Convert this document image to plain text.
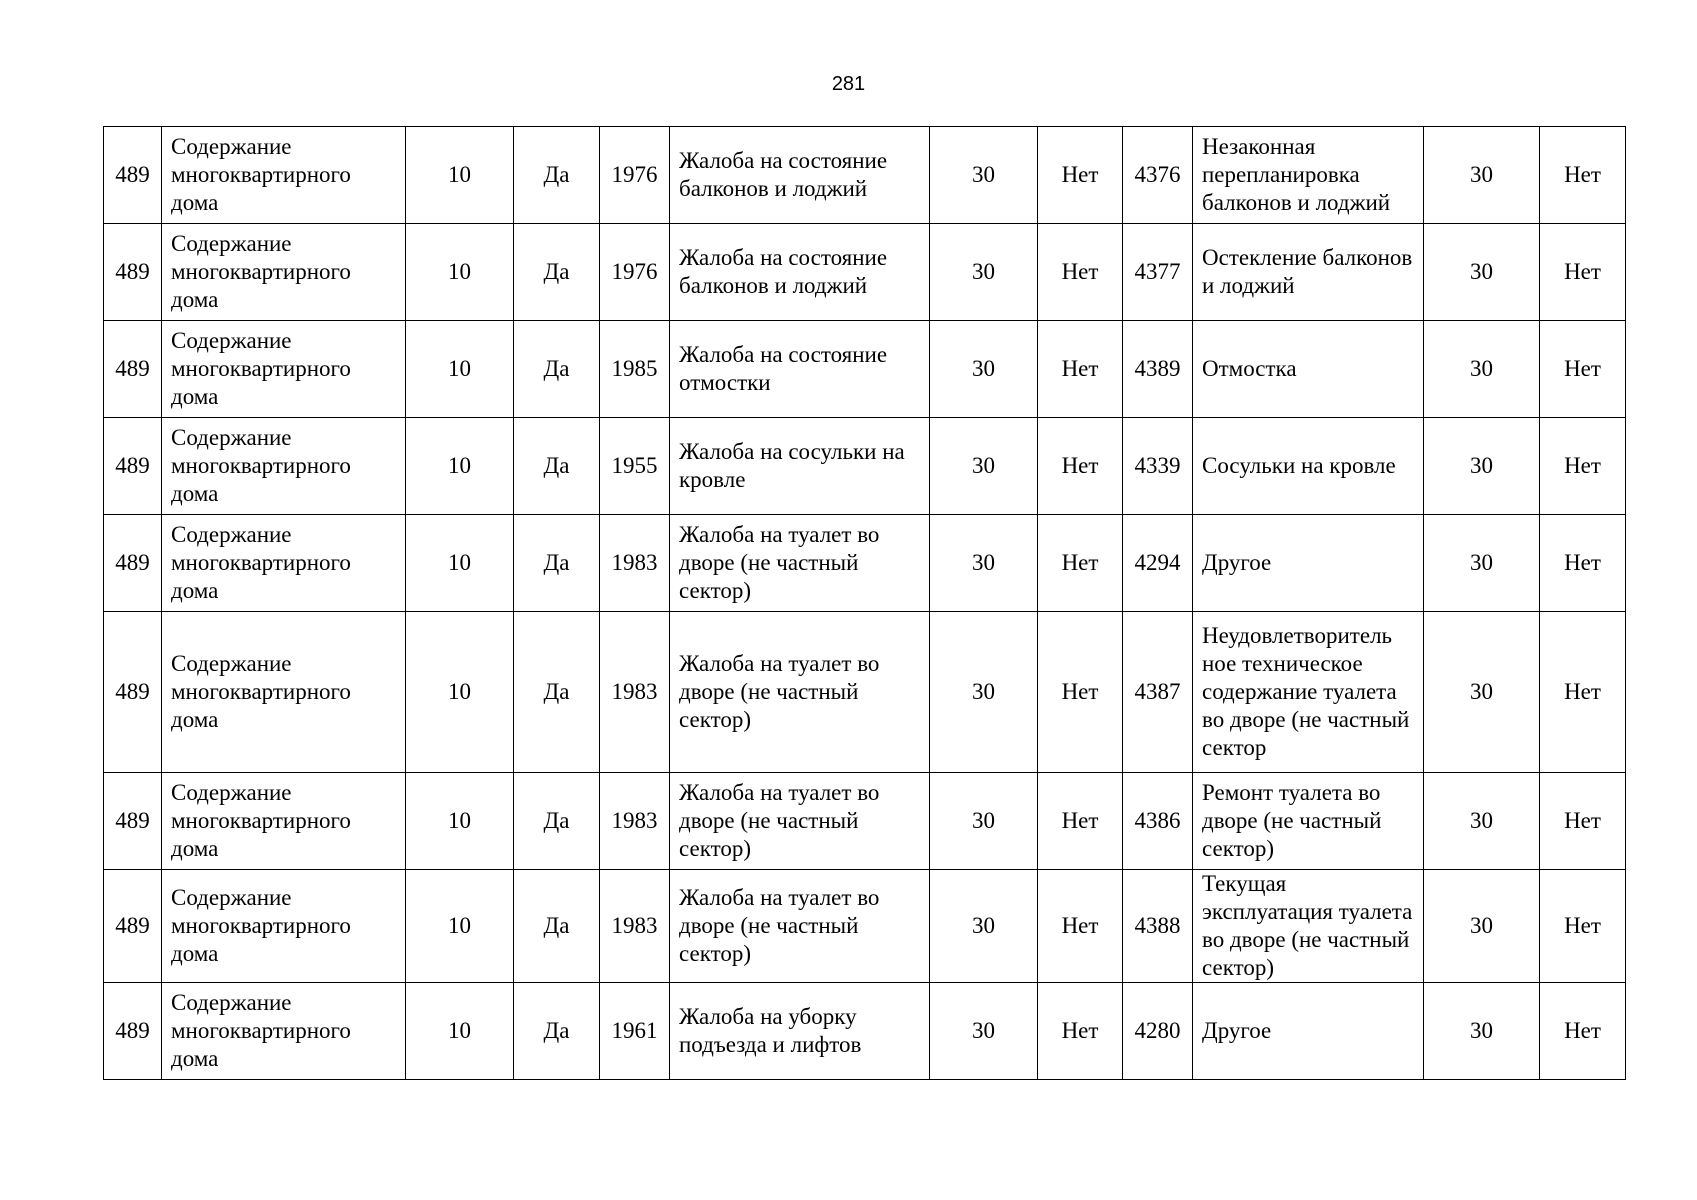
281
489	Содержание многоквартирного дома	10	Да	1976	Жалоба на состояние балконов и лоджий	30	Нет	4376	Незаконная перепланировка балконов и лоджий	30	Нет
489	Содержание многоквартирного дома	10	Да	1976	Жалоба на состояние балконов и лоджий	30	Нет	4377	Остекление балконов и лоджий	30	Нет
489	Содержание многоквартирного дома	10	Да	1985	Жалоба на состояние отмостки	30	Нет	4389	Отмостка	30	Нет
489	Содержание многоквартирного дома	10	Да	1955	Жалоба на сосульки на кровле	30	Нет	4339	Сосульки на кровле	30	Нет
489	Содержание многоквартирного дома	10	Да	1983	Жалоба на туалет во дворе (не частный сектор)	30	Нет	4294	Другое	30	Нет
489	Содержание многоквартирного дома	10	Да	1983	Жалоба на туалет во дворе (не частный сектор)	30	Нет	4387	Неудовлетворитель ное техническое содержание туалета во дворе (не частный сектор	30	Нет
489	Содержание многоквартирного дома	10	Да	1983	Жалоба на туалет во дворе (не частный сектор)	30	Нет	4386	Ремонт туалета во дворе (не частный сектор)	30	Нет
489	Содержание многоквартирного дома	10	Да	1983	Жалоба на туалет во дворе (не частный сектор)	30	Нет	4388	Текущая эксплуатация туалета во дворе (не частный сектор)	30	Нет
489	Содержание многоквартирного дома	10	Да	1961	Жалоба на уборку подъезда и лифтов	30	Нет	4280	Другое	30	Нет
